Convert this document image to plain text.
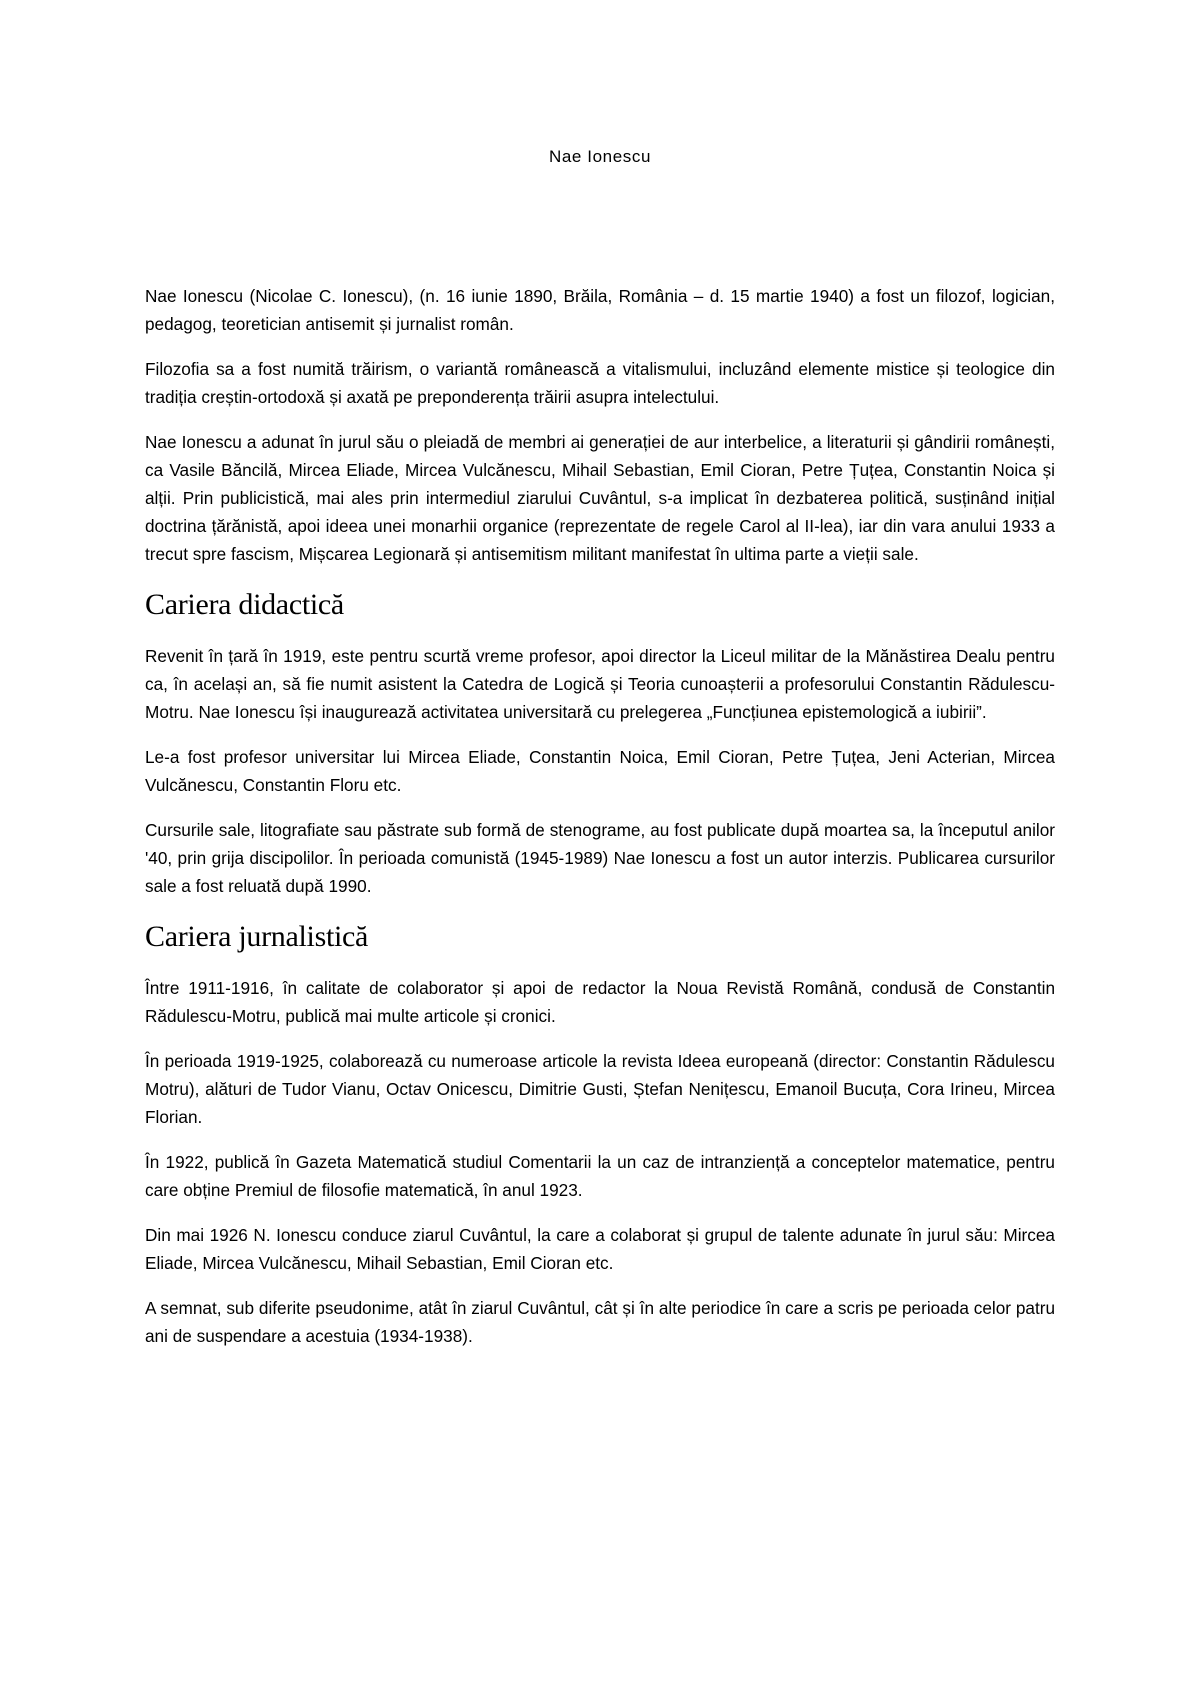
Nae Ionescu

Nae Ionescu (Nicolae C. Ionescu), (n. 16 iunie 1890, Brăila, România – d. 15 martie 1940) a fost un filozof, logician, pedagog, teoretician antisemit și jurnalist român.

Filozofia sa a fost numită trăirism, o variantă românească a vitalismului, incluzând elemente mistice și teologice din tradiția creștin-ortodoxă și axată pe preponderența trăirii asupra intelectului.

Nae Ionescu a adunat în jurul său o pleiadă de membri ai generației de aur interbelice, a literaturii și gândirii românești, ca Vasile Băncilă, Mircea Eliade, Mircea Vulcănescu, Mihail Sebastian, Emil Cioran, Petre Țuțea, Constantin Noica și alții. Prin publicistică, mai ales prin intermediul ziarului Cuvântul, s-a implicat în dezbaterea politică, susținând inițial doctrina țărănistă, apoi ideea unei monarhii organice (reprezentate de regele Carol al II-lea), iar din vara anului 1933 a trecut spre fascism, Mișcarea Legionară și antisemitism militant manifestat în ultima parte a vieții sale.

Cariera didactică

Revenit în țară în 1919, este pentru scurtă vreme profesor, apoi director la Liceul militar de la Mănăstirea Dealu pentru ca, în același an, să fie numit asistent la Catedra de Logică și Teoria cunoașterii a profesorului Constantin Rădulescu-Motru. Nae Ionescu își inaugurează activitatea universitară cu prelegerea „Funcțiunea epistemologică a iubirii”.

Le-a fost profesor universitar lui Mircea Eliade, Constantin Noica, Emil Cioran, Petre Țuțea, Jeni Acterian, Mircea Vulcănescu, Constantin Floru etc.

Cursurile sale, litografiate sau păstrate sub formă de stenograme, au fost publicate după moartea sa, la începutul anilor '40, prin grija discipolilor. În perioada comunistă (1945-1989) Nae Ionescu a fost un autor interzis. Publicarea cursurilor sale a fost reluată după 1990.

Cariera jurnalistică

Între 1911-1916, în calitate de colaborator și apoi de redactor la Noua Revistă Română, condusă de Constantin Rădulescu-Motru, publică mai multe articole și cronici.

În perioada 1919-1925, colaborează cu numeroase articole la revista Ideea europeană (director: Constantin Rădulescu Motru), alături de Tudor Vianu, Octav Onicescu, Dimitrie Gusti, Ștefan Nenițescu, Emanoil Bucuța, Cora Irineu, Mircea Florian.

În 1922, publică în Gazeta Matematică studiul Comentarii la un caz de intranziență a conceptelor matematice, pentru care obține Premiul de filosofie matematică, în anul 1923.

Din mai 1926 N. Ionescu conduce ziarul Cuvântul, la care a colaborat și grupul de talente adunate în jurul său: Mircea Eliade, Mircea Vulcănescu, Mihail Sebastian, Emil Cioran etc.

A semnat, sub diferite pseudonime, atât în ziarul Cuvântul, cât și în alte periodice în care a scris pe perioada celor patru ani de suspendare a acestuia (1934-1938).
